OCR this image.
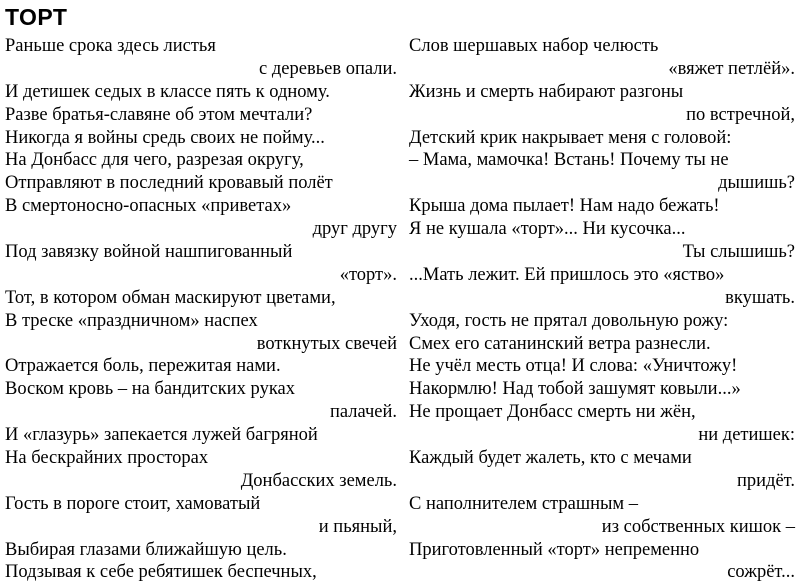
ТОРТ
Раньше срока здесь листья
с деревьев опали.
И детишек седых в классе пять к одному.
Разве братья-славяне об этом мечтали?
Никогда я войны средь своих не пойму...
На Донбасс для чего, разрезая округу,
Отправляют в последний кровавый полёт
В смертоносно-опасных «приветах»
друг другу
Под завязку войной нашпигованный
«торт».
Тот, в котором обман маскируют цветами,
В треске «праздничном» наспех
воткнутых свечей
Отражается боль, пережитая нами.
Воском кровь – на бандитских руках
палачей.
И «глазурь» запекается лужей багряной
На бескрайних просторах
Донбасских земель.
Гость в пороге стоит, хамоватый
и пьяный,
Выбирая глазами ближайшую цель.
Подзывая к себе ребятишек беспечных,
Слов шершавых набор челюсть
«вяжет петлёй».
Жизнь и смерть набирают разгоны
по встречной,
Детский крик накрывает меня с головой:
– Мама, мамочка! Встань! Почему ты не
дышишь?
Крыша дома пылает! Нам надо бежать!
Я не кушала «торт»... Ни кусочка...
Ты слышишь?
...Мать лежит. Ей пришлось это «яство»
вкушать.
Уходя, гость не прятал довольную рожу:
Смех его сатанинский ветра разнесли.
Не учёл месть отца! И слова: «Уничтожу!
Накормлю! Над тобой зашумят ковыли...»
Не прощает Донбасс смерть ни жён,
ни детишек:
Каждый будет жалеть, кто с мечами
придёт.
С наполнителем страшным –
из собственных кишок –
Приготовленный «торт» непременно
сожрёт...
